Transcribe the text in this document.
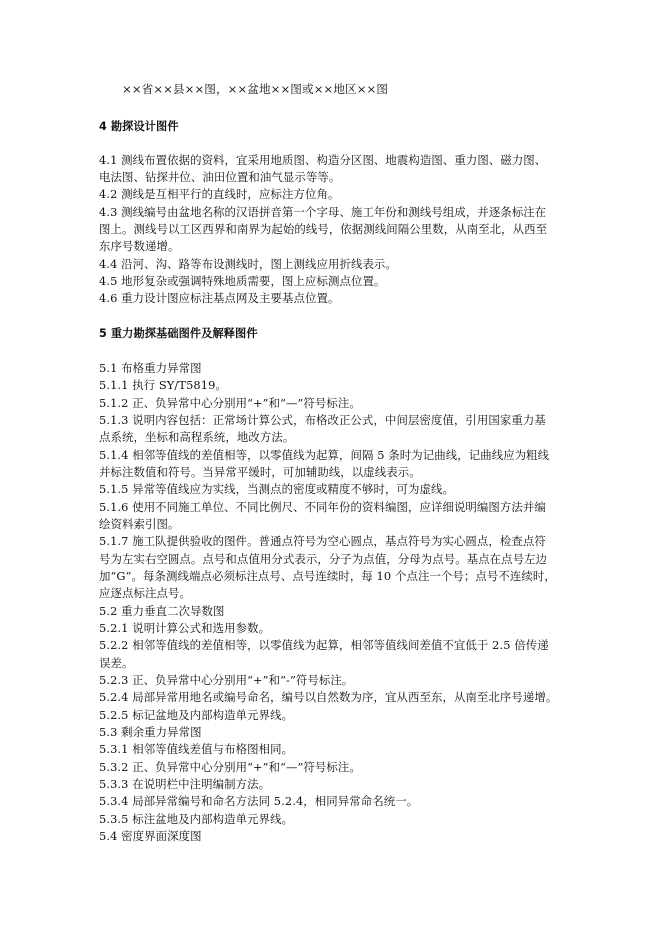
××省××县××图，××盆地××图或××地区××图
4 勘探设计图件
4.1 测线布置依据的资料，宜采用地质图、构造分区图、地震构造图、重力图、磁力图、
电法图、钻探井位、油田位置和油气显示等等。
4.2 测线是互相平行的直线时，应标注方位角。
4.3 测线编号由盆地名称的汉语拼音第一个字母、施工年份和测线号组成，并逐条标注在
图上。测线号以工区西界和南界为起始的线号，依据测线间隔公里数，从南至北，从西至
东序号数递增。
4.4 沿河、沟、路等布设测线时，图上测线应用折线表示。
4.5 地形复杂或强调特殊地质需要，图上应标测点位置。
4.6 重力设计图应标注基点网及主要基点位置。
5 重力勘探基础图件及解释图件
5.1 布格重力异常图
5.1.1 执行 SY/T5819。
5.1.2 正、负异常中心分别用“+”和“—”符号标注。
5.1.3 说明内容包括：正常场计算公式，布格改正公式，中间层密度值，引用国家重力基
点系统，坐标和高程系统，地改方法。
5.1.4 相邻等值线的差值相等，以零值线为起算，间隔 5 条时为记曲线，记曲线应为粗线
并标注数值和符号。当异常平缓时，可加辅助线，以虚线表示。
5.1.5 异常等值线应为实线，当测点的密度或精度不够时，可为虚线。
5.1.6 使用不同施工单位、不同比例尺、不同年份的资料编图，应详细说明编图方法并编
绘资料索引图。
5.1.7 施工队提供验收的图件。普通点符号为空心圆点，基点符号为实心圆点，检查点符
号为左实右空圆点。点号和点值用分式表示，分子为点值，分母为点号。基点在点号左边
加“G”。每条测线端点必须标注点号、点号连续时，每 10 个点注一个号；点号不连续时，
应逐点标注点号。
5.2 重力垂直二次导数图
5.2.1 说明计算公式和选用参数。
5.2.2 相邻等值线的差值相等，以零值线为起算，相邻等值线间差值不宜低于 2.5 倍传递
误差。
5.2.3 正、负异常中心分别用“+”和“-”符号标注。
5.2.4 局部异常用地名或编号命名，编号以自然数为序，宜从西至东，从南至北序号递增。
5.2.5 标记盆地及内部构造单元界线。
5.3 剩余重力异常图
5.3.1 相邻等值线差值与布格图相同。
5.3.2 正、负异常中心分别用“+”和“—”符号标注。
5.3.3 在说明栏中注明编制方法。
5.3.4 局部异常编号和命名方法同 5.2.4，相同异常命名统一。
5.3.5 标注盆地及内部构造单元界线。
5.4 密度界面深度图
